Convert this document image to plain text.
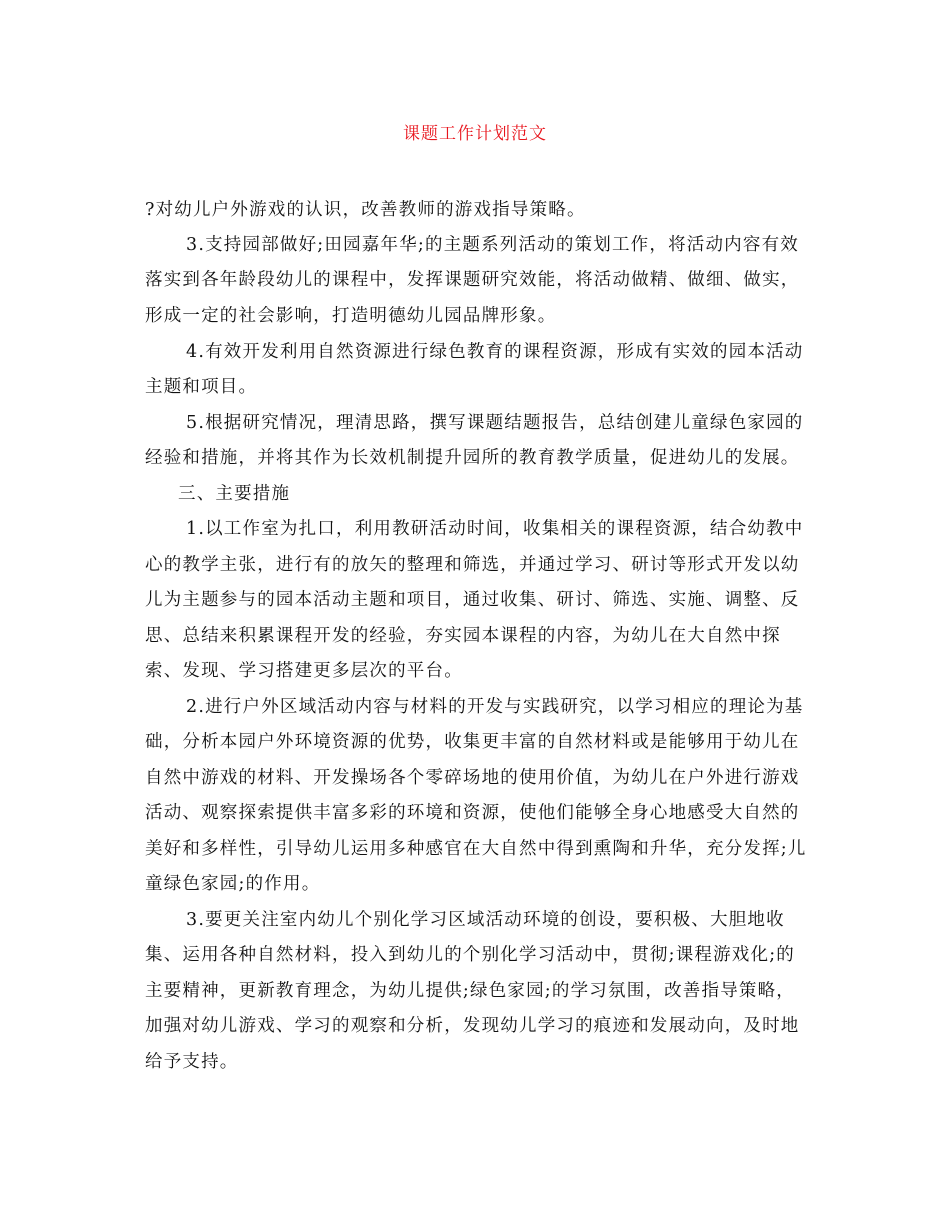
课题工作计划范文

?对幼儿户外游戏的认识，改善教师的游戏指导策略。

3.支持园部做好;田园嘉年华;的主题系列活动的策划工作，将活动内容有效

落实到各年龄段幼儿的课程中，发挥课题研究效能，将活动做精、做细、做实，

形成一定的社会影响，打造明德幼儿园品牌形象。

4.有效开发利用自然资源进行绿色教育的课程资源，形成有实效的园本活动

主题和项目。

5.根据研究情况，理清思路，撰写课题结题报告，总结创建儿童绿色家园的

经验和措施，并将其作为长效机制提升园所的教育教学质量，促进幼儿的发展。

三、主要措施

1.以工作室为扎口，利用教研活动时间，收集相关的课程资源，结合幼教中

心的教学主张，进行有的放矢的整理和筛选，并通过学习、研讨等形式开发以幼

儿为主题参与的园本活动主题和项目，通过收集、研讨、筛选、实施、调整、反

思、总结来积累课程开发的经验，夯实园本课程的内容，为幼儿在大自然中探

索、发现、学习搭建更多层次的平台。

2.进行户外区域活动内容与材料的开发与实践研究，以学习相应的理论为基

础，分析本园户外环境资源的优势，收集更丰富的自然材料或是能够用于幼儿在

自然中游戏的材料、开发操场各个零碎场地的使用价值，为幼儿在户外进行游戏

活动、观察探索提供丰富多彩的环境和资源，使他们能够全身心地感受大自然的

美好和多样性，引导幼儿运用多种感官在大自然中得到熏陶和升华，充分发挥;儿

童绿色家园;的作用。

3.要更关注室内幼儿个别化学习区域活动环境的创设，要积极、大胆地收

集、运用各种自然材料，投入到幼儿的个别化学习活动中，贯彻;课程游戏化;的

主要精神，更新教育理念，为幼儿提供;绿色家园;的学习氛围，改善指导策略，

加强对幼儿游戏、学习的观察和分析，发现幼儿学习的痕迹和发展动向，及时地

给予支持。
